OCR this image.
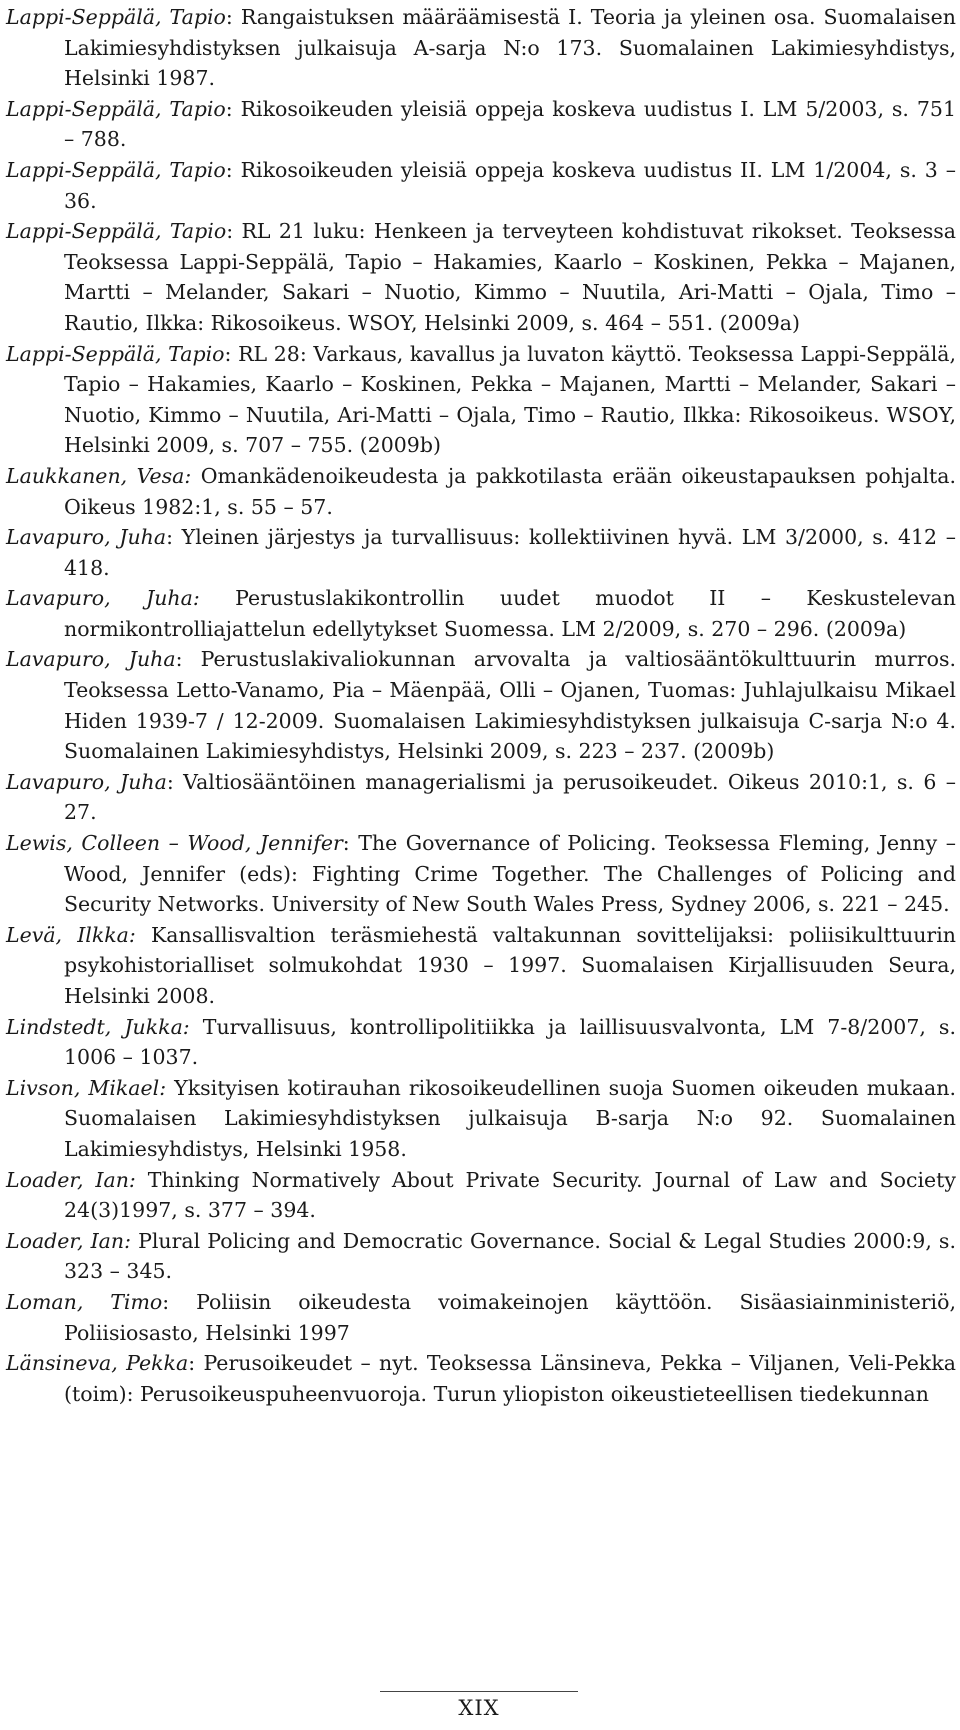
Lappi-Seppälä, Tapio: Rangaistuksen määräämisestä I. Teoria ja yleinen osa. Suomalaisen Lakimiesyhdistyksen julkaisuja A-sarja N:o 173. Suomalainen Lakimiesyhdistys, Helsinki 1987.
Lappi-Seppälä, Tapio: Rikosoikeuden yleisiä oppeja koskeva uudistus I. LM 5/2003, s. 751 – 788.
Lappi-Seppälä, Tapio: Rikosoikeuden yleisiä oppeja koskeva uudistus II. LM 1/2004, s. 3 – 36.
Lappi-Seppälä, Tapio: RL 21 luku: Henkeen ja terveyteen kohdistuvat rikokset. Teoksessa Teoksessa Lappi-Seppälä, Tapio – Hakamies, Kaarlo – Koskinen, Pekka – Majanen, Martti – Melander, Sakari – Nuotio, Kimmo – Nuutila, Ari-Matti – Ojala, Timo – Rautio, Ilkka: Rikosoikeus. WSOY, Helsinki 2009, s. 464 – 551. (2009a)
Lappi-Seppälä, Tapio: RL 28: Varkaus, kavallus ja luvaton käyttö. Teoksessa Lappi-Seppälä, Tapio – Hakamies, Kaarlo – Koskinen, Pekka – Majanen, Martti – Melander, Sakari – Nuotio, Kimmo – Nuutila, Ari-Matti – Ojala, Timo – Rautio, Ilkka: Rikosoikeus. WSOY, Helsinki 2009, s. 707 – 755. (2009b)
Laukkanen, Vesa: Omankädenoikeudesta ja pakkotilasta erään oikeustapauksen pohjalta. Oikeus 1982:1, s. 55 – 57.
Lavapuro, Juha: Yleinen järjestys ja turvallisuus: kollektiivinen hyvä. LM 3/2000, s. 412 – 418.
Lavapuro, Juha: Perustuslakikontrollin uudet muodot II – Keskustelevan normikontrolliajattelun edellytykset Suomessa. LM 2/2009, s. 270 – 296. (2009a)
Lavapuro, Juha: Perustuslakivaliokunnan arvovalta ja valtiosääntökulttuurin murros. Teoksessa Letto-Vanamo, Pia – Mäenpää, Olli – Ojanen, Tuomas: Juhlajulkaisu Mikael Hiden 1939-7 / 12-2009. Suomalaisen Lakimiesyhdistyksen julkaisuja C-sarja N:o 4. Suomalainen Lakimiesyhdistys, Helsinki 2009, s. 223 – 237. (2009b)
Lavapuro, Juha: Valtiosääntöinen managerialismi ja perusoikeudet. Oikeus 2010:1, s. 6 – 27.
Lewis, Colleen – Wood, Jennifer: The Governance of Policing. Teoksessa Fleming, Jenny – Wood, Jennifer (eds): Fighting Crime Together. The Challenges of Policing and Security Networks. University of New South Wales Press, Sydney 2006, s. 221 – 245.
Levä, Ilkka: Kansallisvaltion teräsmiehestä valtakunnan sovittelijaksi: poliisikulttuurin psykohistorialliset solmukohdat 1930 – 1997. Suomalaisen Kirjallisuuden Seura, Helsinki 2008.
Lindstedt, Jukka: Turvallisuus, kontrollipolitiikka ja laillisuusvalvonta, LM 7-8/2007, s. 1006 – 1037.
Livson, Mikael: Yksityisen kotirauhan rikosoikeudellinen suoja Suomen oikeuden mukaan. Suomalaisen Lakimiesyhdistyksen julkaisuja B-sarja N:o 92. Suomalainen Lakimiesyhdistys, Helsinki 1958.
Loader, Ian: Thinking Normatively About Private Security. Journal of Law and Society 24(3)1997, s. 377 – 394.
Loader, Ian: Plural Policing and Democratic Governance. Social & Legal Studies 2000:9, s. 323 – 345.
Loman, Timo: Poliisin oikeudesta voimakeinojen käyttöön. Sisäasiainministeriö, Poliisiosasto, Helsinki 1997
Länsineva, Pekka: Perusoikeudet – nyt. Teoksessa Länsineva, Pekka – Viljanen, Veli-Pekka (toim): Perusoikeuspuheenvuoroja. Turun yliopiston oikeustieteellisen tiedekunnan
XIX
